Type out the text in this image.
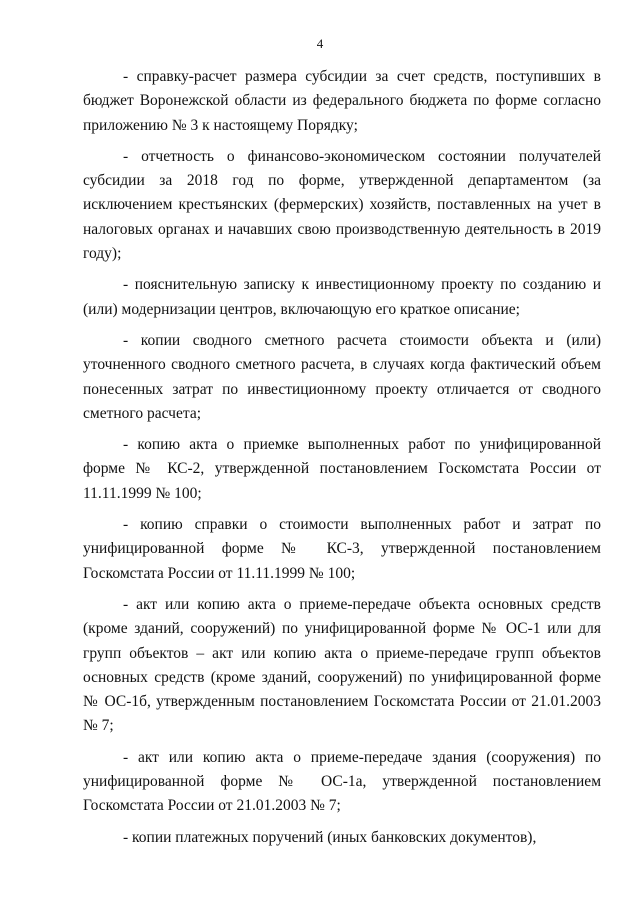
4

- справку-расчет размера субсидии за счет средств, поступивших в бюджет Воронежской области из федерального бюджета по форме согласно приложению № 3 к настоящему Порядку;

- отчетность о финансово-экономическом состоянии получателей субсидии за 2018 год по форме, утвержденной департаментом (за исключением крестьянских (фермерских) хозяйств, поставленных на учет в налоговых органах и начавших свою производственную деятельность в 2019 году);

- пояснительную записку к инвестиционному проекту по созданию и (или) модернизации центров, включающую его краткое описание;

- копии сводного сметного расчета стоимости объекта и (или) уточненного сводного сметного расчета, в случаях когда фактический объем понесенных затрат по инвестиционному проекту отличается от сводного сметного расчета;

- копию акта о приемке выполненных работ по унифицированной форме № КС-2, утвержденной постановлением Госкомстата России от 11.11.1999 № 100;

- копию справки о стоимости выполненных работ и затрат по унифицированной форме № КС-3, утвержденной постановлением Госкомстата России от 11.11.1999 № 100;

- акт или копию акта о приеме-передаче объекта основных средств (кроме зданий, сооружений) по унифицированной форме № ОС-1 или для групп объектов – акт или копию акта о приеме-передаче групп объектов основных средств (кроме зданий, сооружений) по унифицированной форме № ОС-1б, утвержденным постановлением Госкомстата России от 21.01.2003 № 7;

- акт или копию акта о приеме-передаче здания (сооружения) по унифицированной форме № ОС-1а, утвержденной постановлением Госкомстата России от 21.01.2003 № 7;

- копии платежных поручений (иных банковских документов),
